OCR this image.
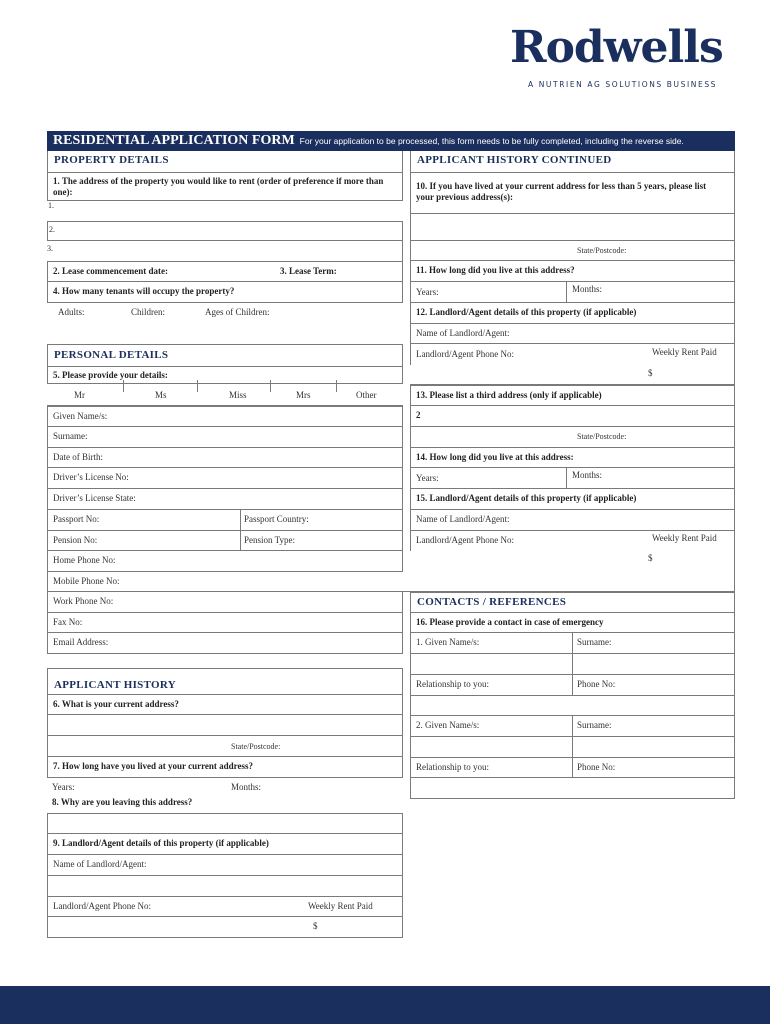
Rodwells
A NUTRIEN AG SOLUTIONS BUSINESS
RESIDENTIAL APPLICATION FORM For your application to be processed, this form needs to be fully completed, including the reverse side.
PROPERTY DETAILS
1. The address of the property you would like to rent (order of preference if more than one):
1.
2.
3.
2. Lease commencement date:	3. Lease Term:
4. How many tenants will occupy the property?
Adults:	Children:	Ages of Children:
PERSONAL DETAILS
5. Please provide your details:
Mr	Ms	Miss	Mrs	Other
Given Name/s:
Surname:
Date of Birth:
Driver’s License No:
Driver’s License State:
Passport No:	Passport Country:
Pension No:	Pension Type:
Home Phone No:
Mobile Phone No:
Work Phone No:
Fax No:
Email Address:
APPLICANT HISTORY
6. What is your current address?
State/Postcode:
7. How long have you lived at your current address?
Years:	Months:
8. Why are you leaving this address?
9. Landlord/Agent details of this property (if applicable)
Name of Landlord/Agent:
Landlord/Agent Phone No:	Weekly Rent Paid
$
APPLICANT HISTORY CONTINUED
10. If you have lived at your current address for less than 5 years, please list your previous address(s):
State/Postcode:
11. How long did you live at this address?
Years:	Months:
12. Landlord/Agent details of this property (if applicable)
Name of Landlord/Agent:
Landlord/Agent Phone No:	Weekly Rent Paid
$
13. Please list a third address (only if applicable)
2
State/Postcode:
14. How long did you live at this address:
Years:	Months:
15. Landlord/Agent details of this property (if applicable)
Name of Landlord/Agent:
Landlord/Agent Phone No:	Weekly Rent Paid
$
CONTACTS / REFERENCES
16. Please provide a contact in case of emergency
1. Given Name/s:	Surname:
Relationship to you:	Phone No:
2. Given Name/s:	Surname:
Relationship to you:	Phone No:
